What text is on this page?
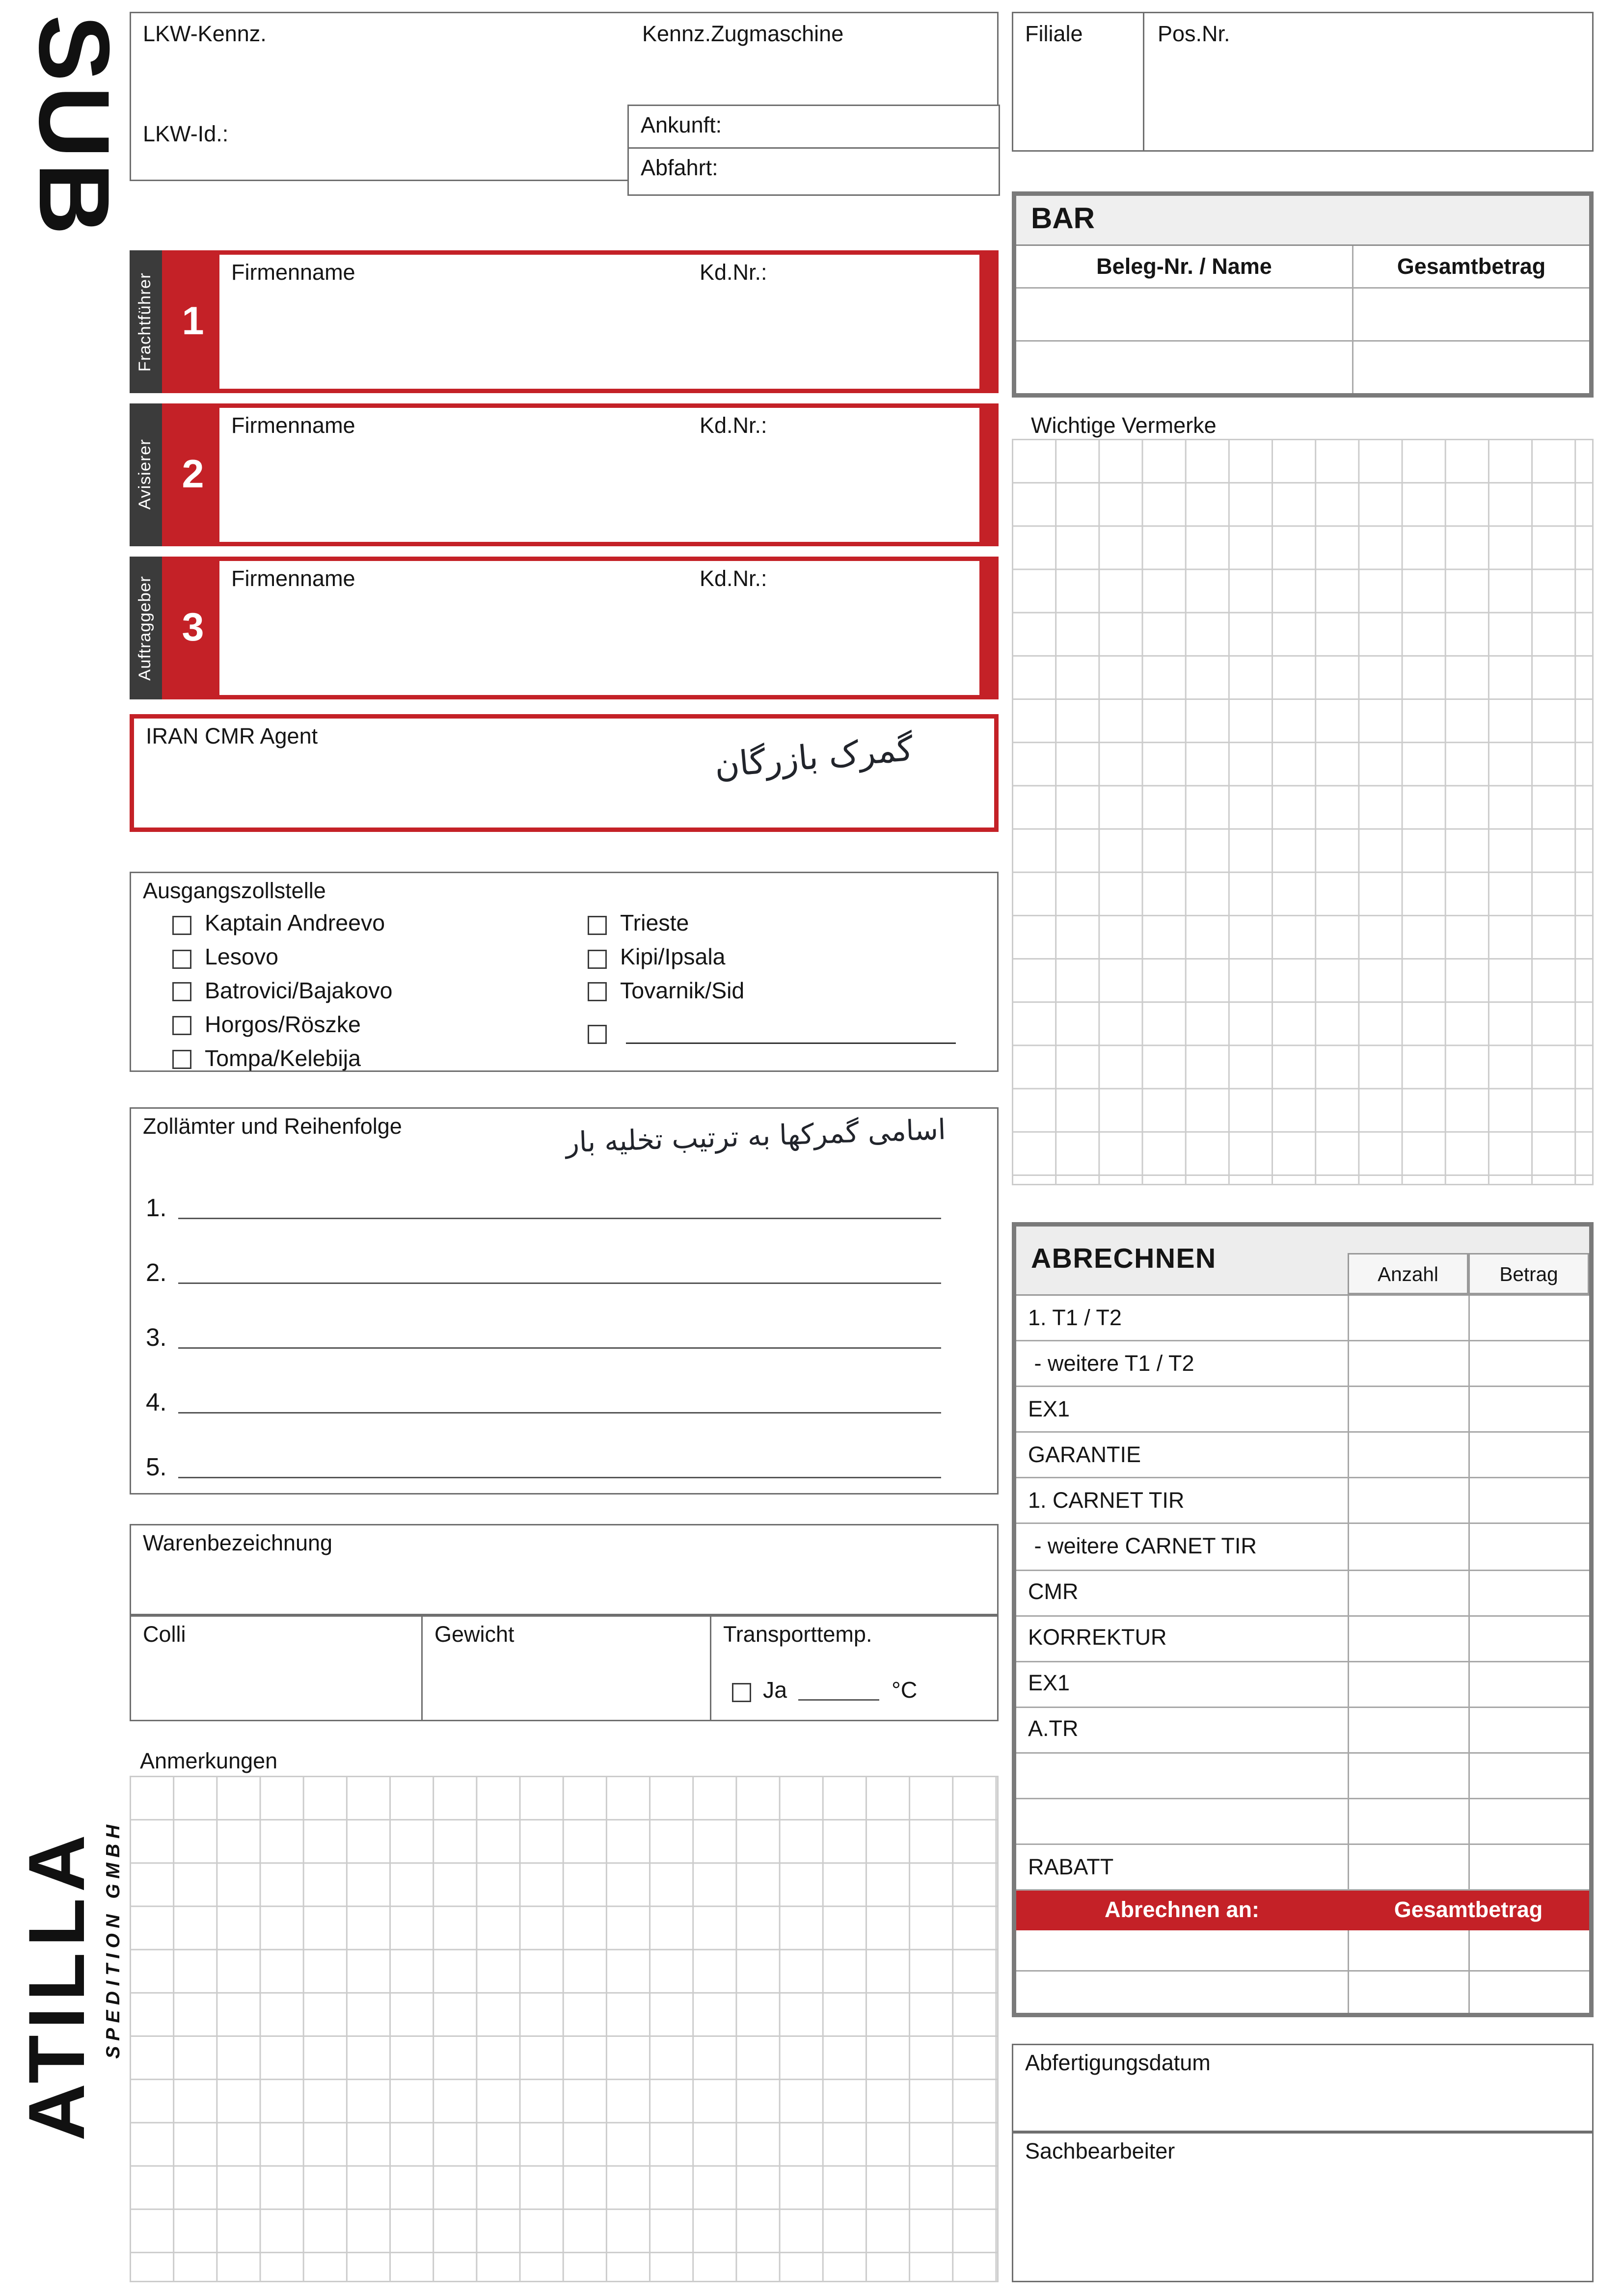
SUB LKW-Kennz.	Kennz.Zugmaschine
LKW-Id.:	Ankunft:
Abfahrt:
Filiale	Pos.Nr.
BAR
Beleg-Nr. / Name	Gesamtbetrag
Frachtführer	1
Firmenname	Kd.Nr.:
Avisierer	2
Firmenname	Kd.Nr.:
Auftraggeber	3
Firmenname	Kd.Nr.:
IRAN CMR Agent	گمرک بازرگان
Wichtige Vermerke
Ausgangszollstelle
Kaptain Andreevo
Lesovo
Batrovici/Bajakovo
Horgos/Röszke
Tompa/Kelebija
Trieste
Kipi/Ipsala
Tovarnik/Sid
Zollämter und Reihenfolge	اسامی گمرکها به ترتیب تخلیه بار
1.
2.
3.
4.
5.
Warenbezeichnung
Colli	Gewicht	Transporttemp.
Ja	°C
Anmerkungen
ABRECHNEN	Anzahl	Betrag
1. T1 / T2
- weitere T1 / T2
EX1
GARANTIE
1. CARNET TIR
- weitere CARNET TIR
CMR
KORREKTUR
EX1
A.TR
RABATT
Abrechnen an:	Gesamtbetrag
Abfertigungsdatum
Sachbearbeiter
ATILLA SPEDITION GMBH
